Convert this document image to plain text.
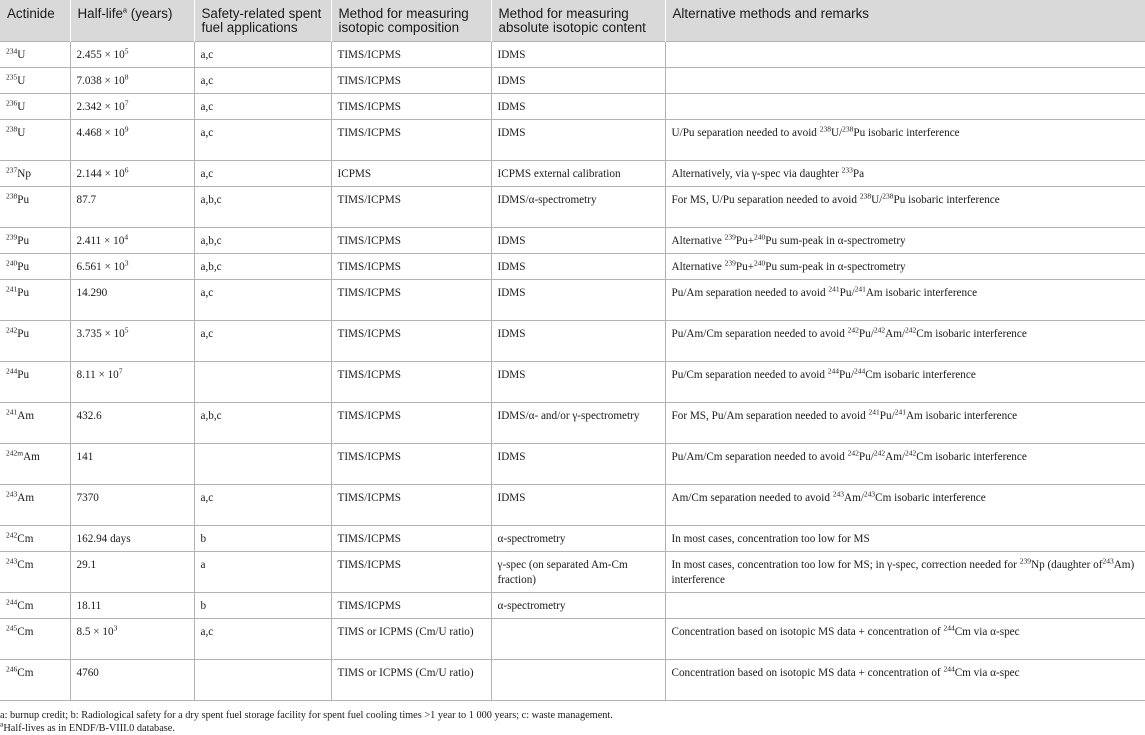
Actinide	Half-life$^a$ (years)	Safety-related spent fuel applications	Method for measuring isotopic composition	Method for measuring absolute isotopic content	Alternative methods and remarks
$^{234}$U	$2.455 \times 10^5$	a,c	TIMS/ICPMS	IDMS	
$^{235}$U	$7.038 \times 10^8$	a,c	TIMS/ICPMS	IDMS	
$^{236}$U	$2.342 \times 10^7$	a,c	TIMS/ICPMS	IDMS	
$^{238}$U	$4.468 \times 10^9$	a,c	TIMS/ICPMS	IDMS	U/Pu separation needed to avoid $^{238}$U/$^{238}$Pu isobaric interference
$^{237}$Np	$2.144 \times 10^6$	a,c	ICPMS	ICPMS external calibration	Alternatively, via γ-spec via daughter $^{233}$Pa
$^{238}$Pu	87.7	a,b,c	TIMS/ICPMS	IDMS/α-spectrometry	For MS, U/Pu separation needed to avoid $^{238}$U/$^{238}$Pu isobaric interference
$^{239}$Pu	$2.411 \times 10^4$	a,b,c	TIMS/ICPMS	IDMS	Alternative $^{239}$Pu+$^{240}$Pu sum-peak in α-spectrometry
$^{240}$Pu	$6.561 \times 10^3$	a,b,c	TIMS/ICPMS	IDMS	Alternative $^{239}$Pu+$^{240}$Pu sum-peak in α-spectrometry
$^{241}$Pu	14.290	a,c	TIMS/ICPMS	IDMS	Pu/Am separation needed to avoid $^{241}$Pu/$^{241}$Am isobaric interference
$^{242}$Pu	$3.735 \times 10^5$	a,c	TIMS/ICPMS	IDMS	Pu/Am/Cm separation needed to avoid $^{242}$Pu/$^{242}$Am/$^{242}$Cm isobaric interference
$^{244}$Pu	$8.11 \times 10^7$		TIMS/ICPMS	IDMS	Pu/Cm separation needed to avoid $^{244}$Pu/$^{244}$Cm isobaric interference
$^{241}$Am	432.6	a,b,c	TIMS/ICPMS	IDMS/α- and/or γ-spectrometry	For MS, Pu/Am separation needed to avoid $^{241}$Pu/$^{241}$Am isobaric interference
$^{242m}$Am	141		TIMS/ICPMS	IDMS	Pu/Am/Cm separation needed to avoid $^{242}$Pu/$^{242}$Am/$^{242}$Cm isobaric interference
$^{243}$Am	7370	a,c	TIMS/ICPMS	IDMS	Am/Cm separation needed to avoid $^{243}$Am/$^{243}$Cm isobaric interference
$^{242}$Cm	162.94 days	b	TIMS/ICPMS	α-spectrometry	In most cases, concentration too low for MS
$^{243}$Cm	29.1	a	TIMS/ICPMS	γ-spec (on separated Am-Cm fraction)	In most cases, concentration too low for MS; in γ-spec, correction needed for $^{239}$Np (daughter $of^{243}Am$) interference
$^{244}$Cm	18.11	b	TIMS/ICPMS	α-spectrometry	
$^{245}$Cm	$8.5 \times 10^3$	a,c	TIMS or ICPMS (Cm/U ratio)		Concentration based on isotopic MS data + concentration of $^{244}$Cm via α-spec
$^{246}$Cm	4760		TIMS or ICPMS (Cm/U ratio)		Concentration based on isotopic MS data + concentration of $^{244}$Cm via α-spec
a: burnup credit; b: Radiological safety for a dry spent fuel storage facility for spent fuel cooling times >1 year to 1 000 years; c: waste management.
$^a$Half-lives as in ENDF/B-VIII.0 database.
